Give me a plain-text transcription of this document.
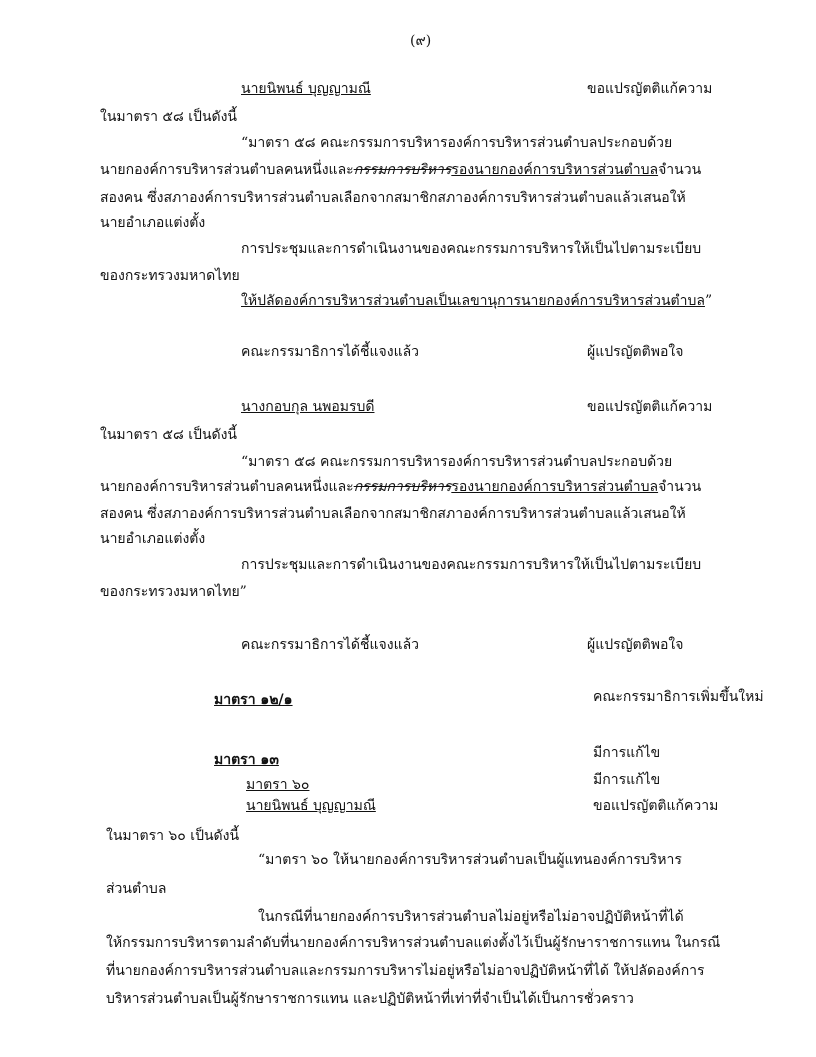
(๙)
นายนิพนธ์ บุญญามณี	ขอแปรญัตติแก้ความ
ในมาตรา ๕๘ เป็นดังนี้
“มาตรา ๕๘ คณะกรรมการบริหารองค์การบริหารส่วนตำบลประกอบด้วย
นายกองค์การบริหารส่วนตำบลคนหนึ่งและกรรมการบริหารรองนายกองค์การบริหารส่วนตำบลจำนวน
สองคน ซึ่งสภาองค์การบริหารส่วนตำบลเลือกจากสมาชิกสภาองค์การบริหารส่วนตำบลแล้วเสนอให้
นายอำเภอแต่งตั้ง
การประชุมและการดำเนินงานของคณะกรรมการบริหารให้เป็นไปตามระเบียบ
ของกระทรวงมหาดไทย
ให้ปลัดองค์การบริหารส่วนตำบลเป็นเลขานุการนายกองค์การบริหารส่วนตำบล”
คณะกรรมาธิการได้ชี้แจงแล้ว	ผู้แปรญัตติพอใจ
นางกอบกุล นพอมรบดี	ขอแปรญัตติแก้ความ
ในมาตรา ๕๘ เป็นดังนี้
“มาตรา ๕๘ คณะกรรมการบริหารองค์การบริหารส่วนตำบลประกอบด้วย
นายกองค์การบริหารส่วนตำบลคนหนึ่งและกรรมการบริหารรองนายกองค์การบริหารส่วนตำบลจำนวน
สองคน ซึ่งสภาองค์การบริหารส่วนตำบลเลือกจากสมาชิกสภาองค์การบริหารส่วนตำบลแล้วเสนอให้
นายอำเภอแต่งตั้ง
การประชุมและการดำเนินงานของคณะกรรมการบริหารให้เป็นไปตามระเบียบ
ของกระทรวงมหาดไทย”
คณะกรรมาธิการได้ชี้แจงแล้ว	ผู้แปรญัตติพอใจ
มาตรา ๑๒/๑	คณะกรรมาธิการเพิ่มขึ้นใหม่
มาตรา ๑๓	มีการแก้ไข
มาตรา ๖๐	มีการแก้ไข
นายนิพนธ์ บุญญามณี	ขอแปรญัตติแก้ความ
ในมาตรา ๖๐ เป็นดังนี้
“มาตรา ๖๐ ให้นายกองค์การบริหารส่วนตำบลเป็นผู้แทนองค์การบริหาร
ส่วนตำบล
ในกรณีที่นายกองค์การบริหารส่วนตำบลไม่อยู่หรือไม่อาจปฏิบัติหน้าที่ได้
ให้กรรมการบริหารตามลำดับที่นายกองค์การบริหารส่วนตำบลแต่งตั้งไว้เป็นผู้รักษาราชการแทน ในกรณี
ที่นายกองค์การบริหารส่วนตำบลและกรรมการบริหารไม่อยู่หรือไม่อาจปฏิบัติหน้าที่ได้ ให้ปลัดองค์การ
บริหารส่วนตำบลเป็นผู้รักษาราชการแทน และปฏิบัติหน้าที่เท่าที่จำเป็นได้เป็นการชั่วคราว
